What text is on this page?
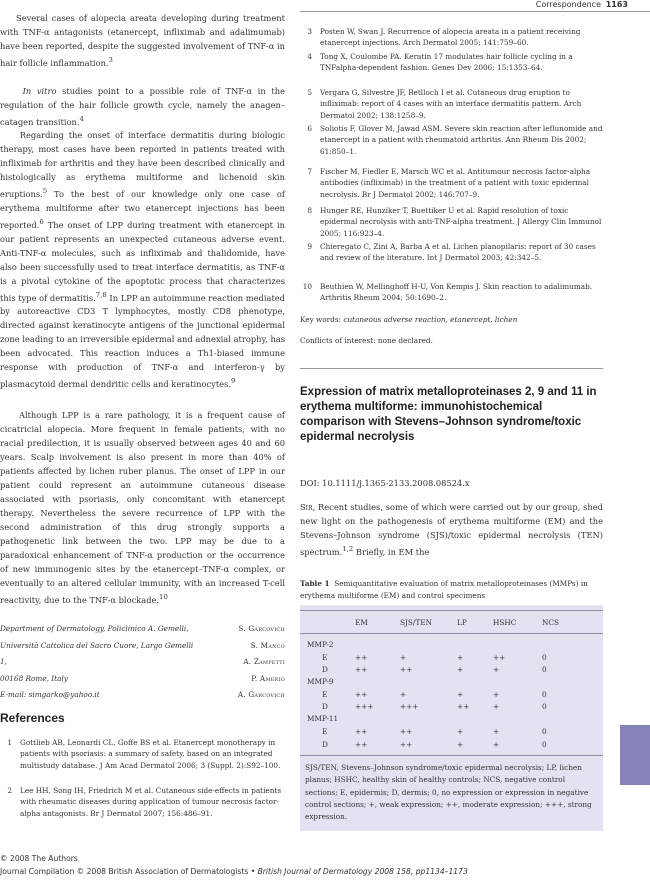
Correspondence 1163

Several cases of alopecia areata developing during treatment with TNF-α antagonists (etanercept, infliximab and adalimumab) have been reported, despite the suggested involvement of TNF-α in hair follicle inflammation.$^3$

In vitro studies point to a possible role of TNF-α in the regulation of the hair follicle growth cycle, namely the anagen–catagen transition.$^4$

Regarding the onset of interface dermatitis during biologic therapy, most cases have been reported in patients treated with infliximab for arthritis and they have been described clinically and histologically as erythema multiforme and lichenoid skin eruptions.$^5$ To the best of our knowledge only one case of erythema multiforme after two etanercept injections has been reported.$^6$ The onset of LPP during treatment with etanercept in our patient represents an unexpected cutaneous adverse event. Anti-TNF-α molecules, such as infliximab and thalidomide, have also been successfully used to treat interface dermatitis, as TNF-α is a pivotal cytokine of the apoptotic process that characterizes this type of dermatitis.$^{7,8}$ In LPP an autoimmune reaction mediated by autoreactive CD3 T lymphocytes, mostly CD8 phenotype, directed against keratinocyte antigens of the junctional epidermal zone leading to an irreversible epidermal and adnexial atrophy, has been advocated. This reaction induces a Th1-biased immune response with production of TNF-α and interferon-γ by plasmacytoid dermal dendritic cells and keratinocytes.$^9$

Although LPP is a rare pathology, it is a frequent cause of cicatricial alopecia. More frequent in female patients, with no racial predilection, it is usually observed between ages 40 and 60 years. Scalp involvement is also present in more than 40% of patients affected by lichen ruber planus. The onset of LPP in our patient could represent an autoimmune cutaneous disease associated with psoriasis, only concomitant with etanercept therapy. Nevertheless the severe recurrence of LPP with the second administration of this drug strongly supports a pathogenetic link between the two. LPP may be due to a paradoxical enhancement of TNF-α production or the occurrence of new immunogenic sites by the etanercept–TNF-α complex, or eventually to an altered cellular immunity, with an increased T-cell reactivity, due to the TNF-α blockade.$^{10}$

Department of Dermatology, Policlinico A. Gemelli,
Università Cattolica del Sacro Cuore, Largo Gemelli 1,
00168 Rome, Italy
E-mail: simgarko@yahoo.it
S. Garcovich
S. Manco
A. Zampetti
P. Amerio
A. Garcovich
References
1	Gottlieb AB, Leonardi CL, Goffe BS et al. Etanercept monotherapy in patients with psoriasis: a summary of safety, based on an integrated multistudy database. J Am Acad Dermatol 2006; 3 (Suppl. 2):S92–100.
2	Lee HH, Song IH, Friedrich M et al. Cutaneous side-effects in patients with rheumatic diseases during application of tumour necrosis factor-alpha antagonists. Br J Dermatol 2007; 156:486–91.
3	Posten W, Swan J. Recurrence of alopecia areata in a patient receiving etanercept injections. Arch Dermatol 2005; 141:759–60.
4	Tong X, Coulombe PA. Keratin 17 modulates hair follicle cycling in a TNFalpha-dependent fashion. Genes Dev 2006; 15:1353–64.
5	Vergara G, Silvestre JF, Betlloch I et al. Cutaneous drug eruption to infliximab: report of 4 cases with an interface dermatitis pattern. Arch Dermatol 2002; 138:1258–9.
6	Soliotis F, Glover M, Jawad ASM. Severe skin reaction after leflunomide and etanercept in a patient with rheumatoid arthritis. Ann Rheum Dis 2002; 61:850–1.
7	Fischer M, Fiedler E, Marsch WC et al. Antitumour necrosis factor-alpha antibodies (infliximab) in the treatment of a patient with toxic epidermal necrolysis. Br J Dermatol 2002; 146:707–9.
8	Hunger RE, Hunziker T, Buettiker U et al. Rapid resolution of toxic epidermal necrolysis with anti-TNF-alpha treatment. J Allergy Clin Immunol 2005; 116:923–4.
9	Chieregato C, Zini A, Barba A et al. Lichen planopilaris: report of 30 cases and review of the literature. Int J Dermatol 2003; 42:342–5.
10	Beuthien W, Mellinghoff H-U, Von Kempis J. Skin reaction to adalimumab. Arthritis Rheum 2004; 50:1690–2.
Key words: cutaneous adverse reaction, etanercept, lichen
Conflicts of interest: none declared.
Expression of matrix metalloproteinases 2, 9 and 11 in erythema multiforme: immunohistochemical comparison with Stevens–Johnson syndrome/toxic epidermal necrolysis
DOI: 10.1111/j.1365-2133.2008.08524.x

Sir, Recent studies, some of which were carried out by our group, shed new light on the pathogenesis of erythema multiforme (EM) and the Stevens–Johnson syndrome (SJS)/toxic epidermal necrolysis (TEN) spectrum.$^{1,2}$ Briefly, in EM the

Table 1 Semiquantitative evaluation of matrix metalloproteinases (MMPs) in erythema multiforme (EM) and control specimens
EM	SJS/TEN	LP	HSHC	NCS
MMP-2
E	++	+	+	++	0
D	++	++	+	+	0
MMP-9
E	++	+	+	+	0
D	+++	+++	++	+	0
MMP-11
E	++	++	+	+	0
D	++	++	+	+	0
SJS/TEN, Stevens–Johnson syndrome/toxic epidermal necrolysis; LP, lichen planus; HSHC, healthy skin of healthy controls; NCS, negative control sections; E, epidermis; D, dermis; 0, no expression or expression in negative control sections; +, weak expression; ++, moderate expression; +++, strong expression.
© 2008 The Authors
Journal Compilation © 2008 British Association of Dermatologists • British Journal of Dermatology 2008 158, pp1134–1173
